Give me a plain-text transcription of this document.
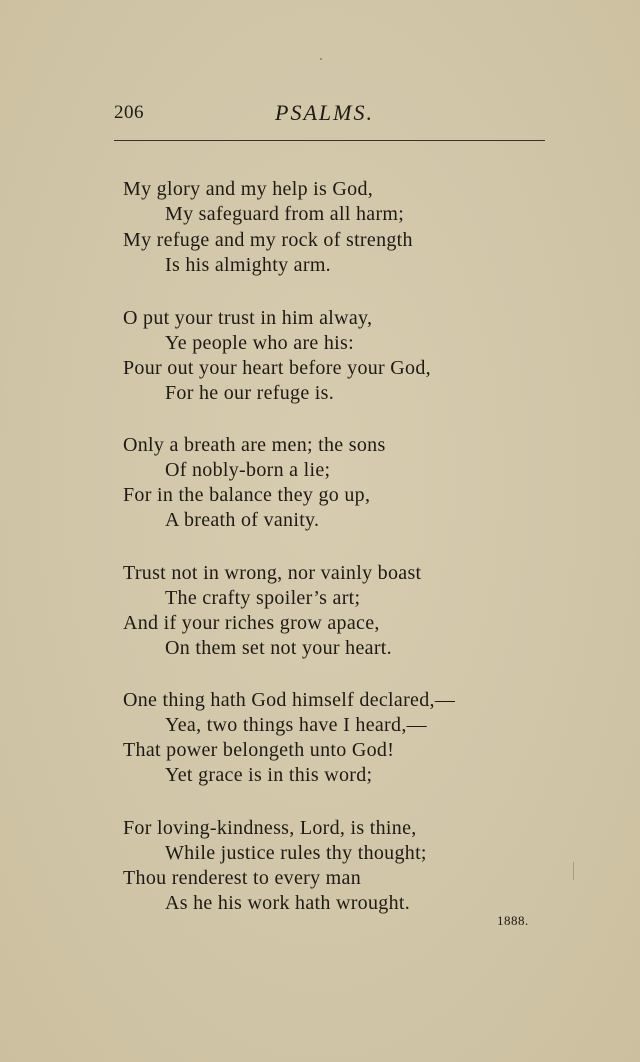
206	PSALMS.
My glory and my help is God,
My safeguard from all harm;
My refuge and my rock of strength
Is his almighty arm.
O put your trust in him alway,
Ye people who are his:
Pour out your heart before your God,
For he our refuge is.
Only a breath are men; the sons
Of nobly-born a lie;
For in the balance they go up,
A breath of vanity.
Trust not in wrong, nor vainly boast
The crafty spoiler’s art;
And if your riches grow apace,
On them set not your heart.
One thing hath God himself declared,—
Yea, two things have I heard,—
That power belongeth unto God!
Yet grace is in this word;
For loving-kindness, Lord, is thine,
While justice rules thy thought;
Thou renderest to every man
As he his work hath wrought.
1888.
